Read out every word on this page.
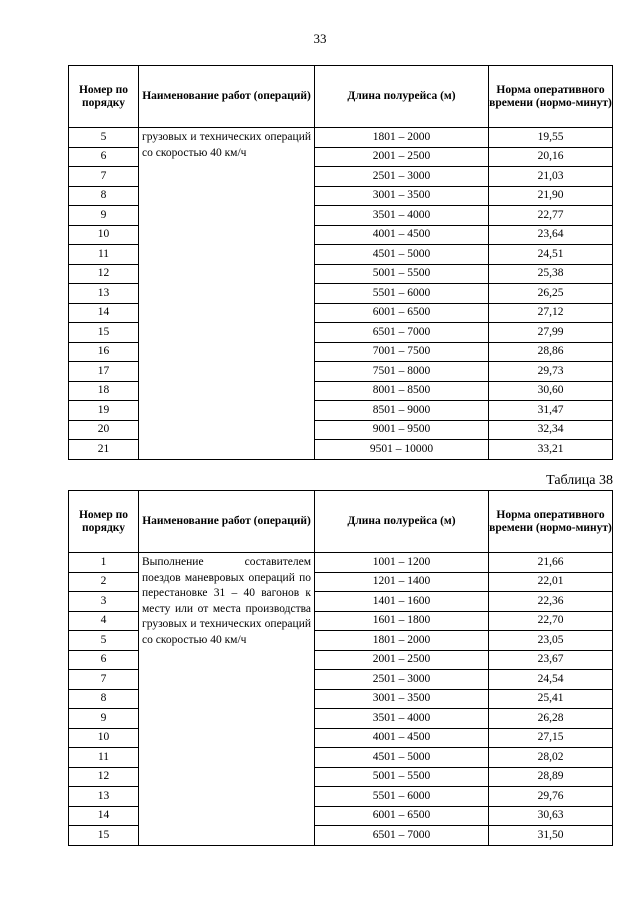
33
Номер по порядку	Наименование работ (операций)	Длина полурейса (м)	Норма оперативного времени (нормо-минут)
5	грузовых и технических операций со скоростью 40 км/ч	1801 – 2000	19,55
6		2001 – 2500	20,16
7		2501 – 3000	21,03
8		3001 – 3500	21,90
9		3501 – 4000	22,77
10		4001 – 4500	23,64
11		4501 – 5000	24,51
12		5001 – 5500	25,38
13		5501 – 6000	26,25
14		6001 – 6500	27,12
15		6501 – 7000	27,99
16		7001 – 7500	28,86
17		7501 – 8000	29,73
18		8001 – 8500	30,60
19		8501 – 9000	31,47
20		9001 – 9500	32,34
21		9501 – 10000	33,21
Таблица 38
Номер по порядку	Наименование работ (операций)	Длина полурейса (м)	Норма оперативного времени (нормо-минут)
1	Выполнение составителем поездов маневровых операций по перестановке 31 – 40 вагонов к месту или от места производства грузовых и технических операций со скоростью 40 км/ч	1001 – 1200	21,66
2		1201 – 1400	22,01
3		1401 – 1600	22,36
4		1601 – 1800	22,70
5		1801 – 2000	23,05
6		2001 – 2500	23,67
7		2501 – 3000	24,54
8		3001 – 3500	25,41
9		3501 – 4000	26,28
10		4001 – 4500	27,15
11		4501 – 5000	28,02
12		5001 – 5500	28,89
13		5501 – 6000	29,76
14		6001 – 6500	30,63
15		6501 – 7000	31,50
